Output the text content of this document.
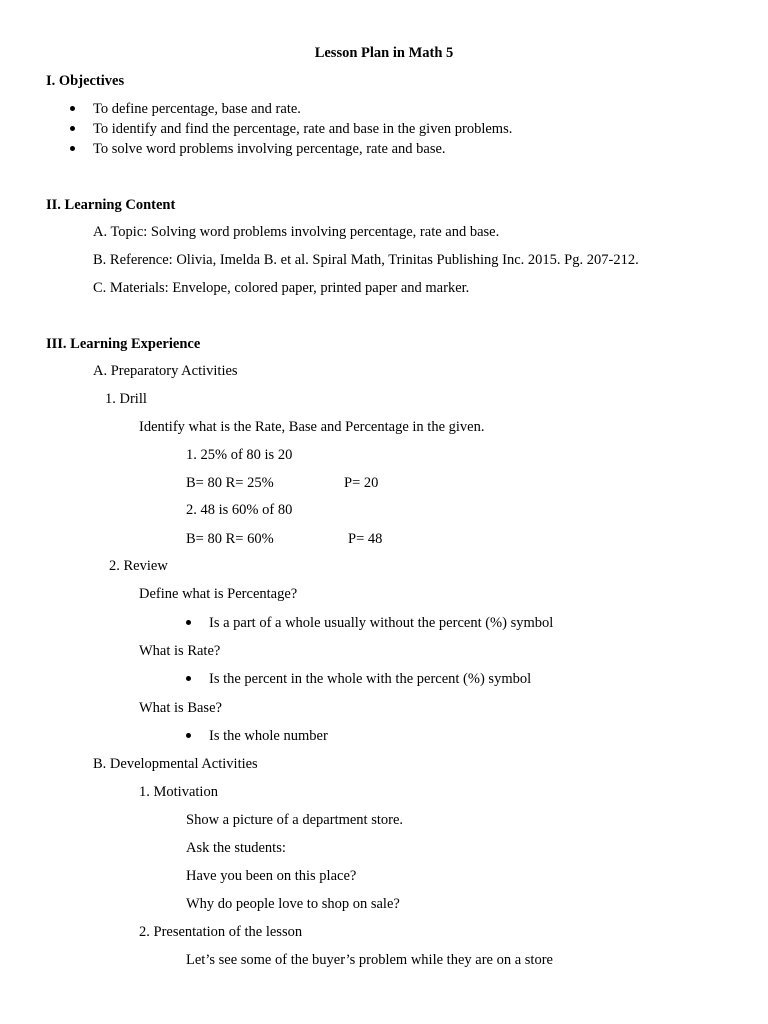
Lesson Plan in Math 5
I. Objectives
To define percentage, base and rate.
To identify and find the percentage, rate and base in the given problems.
To solve word problems involving percentage, rate and base.
II. Learning Content
A. Topic: Solving word problems involving percentage, rate and base.
B. Reference: Olivia, Imelda B. et al. Spiral Math, Trinitas Publishing Inc. 2015. Pg. 207-212.
C. Materials: Envelope, colored paper, printed paper and marker.
III. Learning Experience
A. Preparatory Activities
1. Drill
Identify what is the Rate, Base and Percentage in the given.
1. 25% of 80 is 20
B= 80 R= 25%	P= 20
2. 48 is 60% of 80
B= 80 R= 60%	P= 48
2. Review
Define what is Percentage?
Is a part of a whole usually without the percent (%) symbol
What is Rate?
Is the percent in the whole with the percent (%) symbol
What is Base?
Is the whole number
B. Developmental Activities
1. Motivation
Show a picture of a department store.
Ask the students:
Have you been on this place?
Why do people love to shop on sale?
2. Presentation of the lesson
Let’s see some of the buyer’s problem while they are on a store
